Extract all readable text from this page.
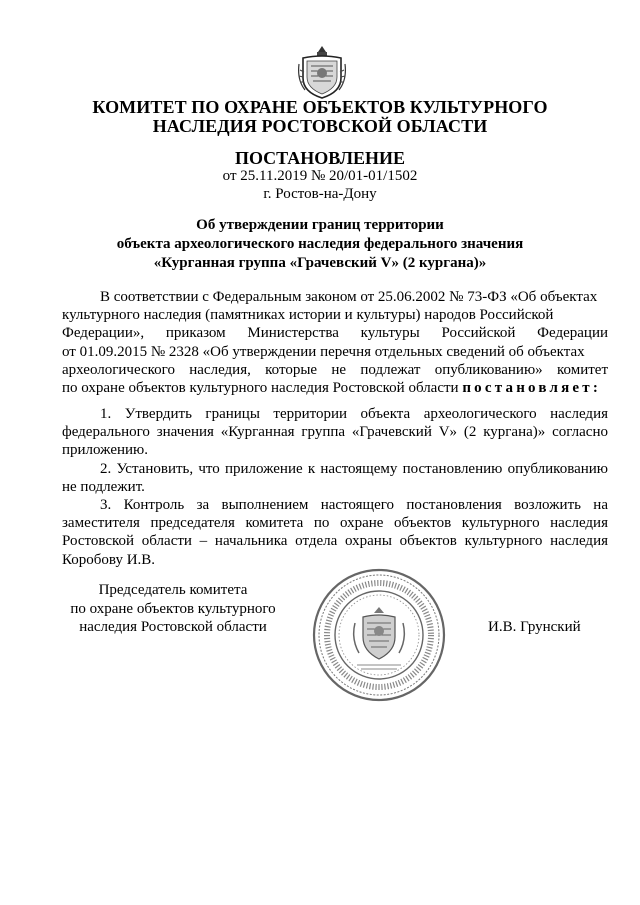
КОМИТЕТ ПО ОХРАНЕ ОБЪЕКТОВ КУЛЬТУРНОГО
НАСЛЕДИЯ РОСТОВСКОЙ ОБЛАСТИ
ПОСТАНОВЛЕНИЕ
от 25.11.2019 № 20/01-01/1502
г. Ростов-на-Дону
Об утверждении границ территории
объекта археологического наследия федерального значения
«Курганная группа «Грачевский V» (2 кургана)»
В соответствии с Федеральным законом от 25.06.2002 № 73-ФЗ «Об объектах
культурного наследия (памятниках истории и культуры) народов Российской
Федерации», приказом Министерства культуры Российской Федерации
от 01.09.2015 № 2328 «Об утверждении перечня отдельных сведений об объектах
археологического наследия, которые не подлежат опубликованию» комитет
по охране объектов культурного наследия Ростовской области постановляет:

1. Утвердить границы территории объекта археологического наследия федерального значения «Курганная группа «Грачевский V» (2 кургана)» согласно приложению.

2. Установить, что приложение к настоящему постановлению опубликованию не подлежит.

3. Контроль за выполнением настоящего постановления возложить на заместителя председателя комитета по охране объектов культурного наследия Ростовской области – начальника отдела охраны объектов культурного наследия Коробову И.В.

Председатель комитета
по охране объектов культурного
наследия Ростовской области	И.В. Грунский
